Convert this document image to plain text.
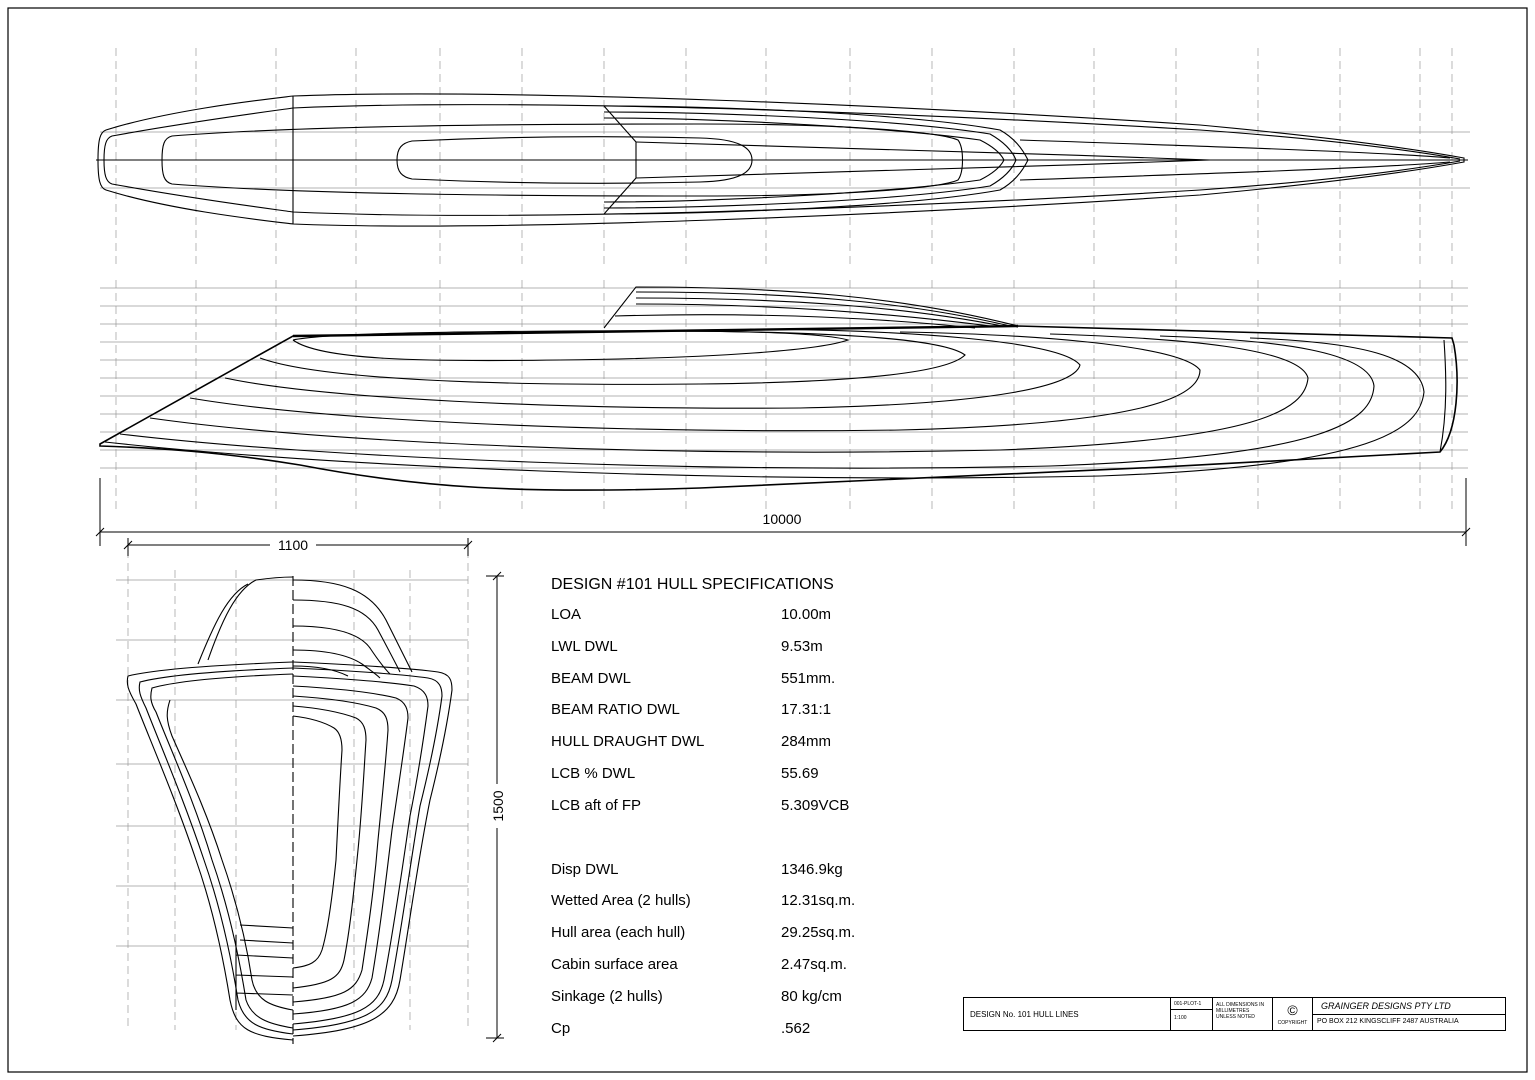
10000
1100
1500
DESIGN #101 HULL SPECIFICATIONS
LOA	10.00m
LWL DWL	9.53m
BEAM DWL	551mm.
BEAM RATIO DWL	17.31:1
HULL DRAUGHT DWL	284mm
LCB % DWL	55.69
LCB aft of FP	5.309VCB
Disp DWL	1346.9kg
Wetted Area (2 hulls)	12.31sq.m.
Hull area (each hull)	29.25sq.m.
Cabin surface area	2.47sq.m.
Sinkage (2 hulls)	80 kg/cm
Cp	.562
DESIGN No. 101 HULL LINES
001-PLOT-1
1:100
ALL DIMENSIONS IN MILLIMETRES UNLESS NOTED	©
COPYRIGHT
GRAINGER DESIGNS PTY LTD
PO BOX 212 KINGSCLIFF 2487 AUSTRALIA
